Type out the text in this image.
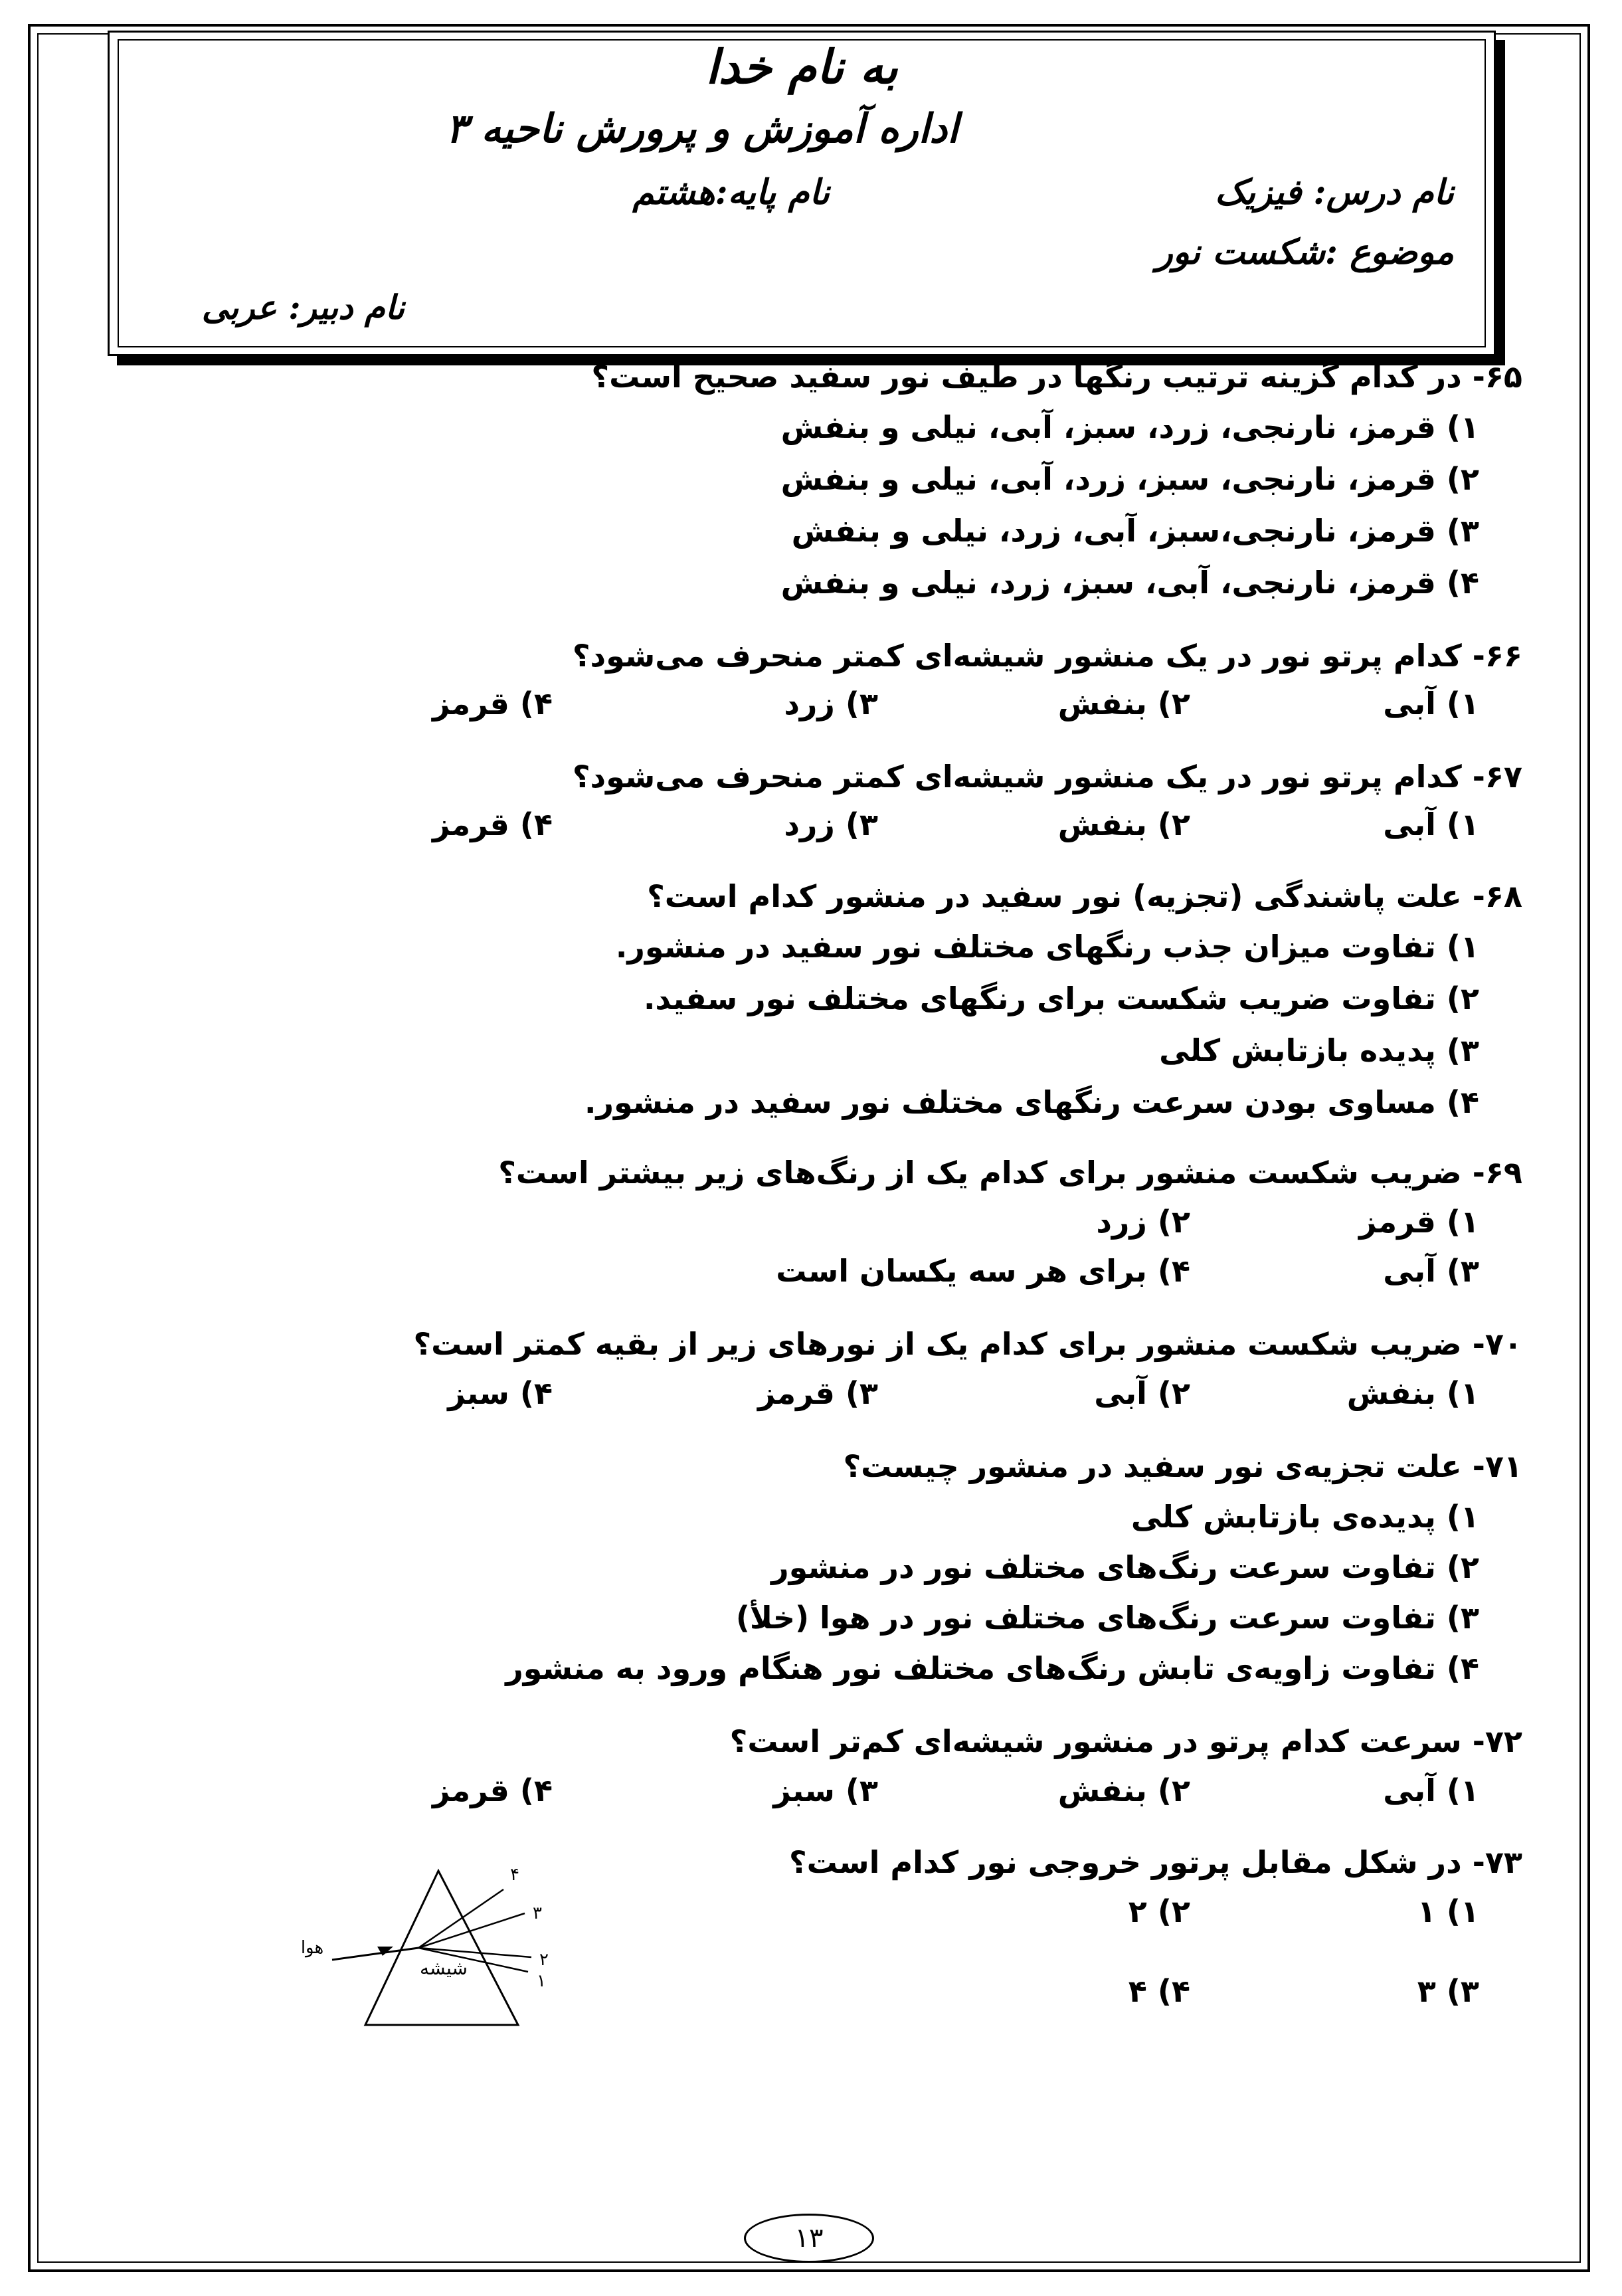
به نام خدا
اداره آموزش و پرورش ناحیه ۳
نام درس: فیزیک
نام پایه:هشتم
موضوع :شکست نور
نام دبیر: عربی
۶۵- در کدام گزینه ترتیب رنگها در طیف نور سفید صحیح است؟
۱) قرمز، نارنجی، زرد، سبز، آبی، نیلی و بنفش
۲) قرمز، نارنجی، سبز، زرد، آبی، نیلی و بنفش
۳) قرمز، نارنجی،سبز، آبی، زرد، نیلی و بنفش
۴) قرمز، نارنجی، آبی، سبز، زرد، نیلی و بنفش
۶۶- کدام پرتو نور در یک منشور شیشه‌ای کمتر منحرف می‌شود؟
۱) آبی
۲) بنفش
۳) زرد
۴) قرمز
۶۷- کدام پرتو نور در یک منشور شیشه‌ای کمتر منحرف می‌شود؟
۱) آبی
۲) بنفش
۳) زرد
۴) قرمز
۶۸- علت پاشندگی (تجزیه) نور سفید در منشور کدام است؟
۱) تفاوت میزان جذب رنگهای مختلف نور سفید در منشور.
۲) تفاوت ضریب شکست برای رنگهای مختلف نور سفید.
۳) پدیده بازتابش کلی
۴) مساوی بودن سرعت رنگهای مختلف نور سفید در منشور.
۶۹- ضریب شکست منشور برای کدام یک از رنگ‌های زیر بیشتر است؟
۱) قرمز
۲) زرد
۳) آبی
۴) برای هر سه یکسان است
۷۰- ضریب شکست منشور برای کدام یک از نورهای زیر از بقیه کمتر است؟
۱) بنفش
۲) آبی
۳) قرمز
۴) سبز
۷۱- علت تجزیه‌ی نور سفید در منشور چیست؟
۱) پدیده‌ی بازتابش کلی
۲) تفاوت سرعت رنگ‌های مختلف نور در منشور
۳) تفاوت سرعت رنگ‌های مختلف نور در هوا (خلأ)
۴) تفاوت زاویه‌ی تابش رنگ‌های مختلف نور هنگام ورود به منشور
۷۲- سرعت کدام پرتو در منشور شیشه‌ای کم‌تر است؟
۱) آبی
۲) بنفش
۳) سبز
۴) قرمز
۷۳- در شکل مقابل پرتور خروجی نور کدام است؟
۱) ۱
۲) ۲
۳) ۳
۴) ۴
هوا
شیشه
۱
۲
۳
۴
۱۳
